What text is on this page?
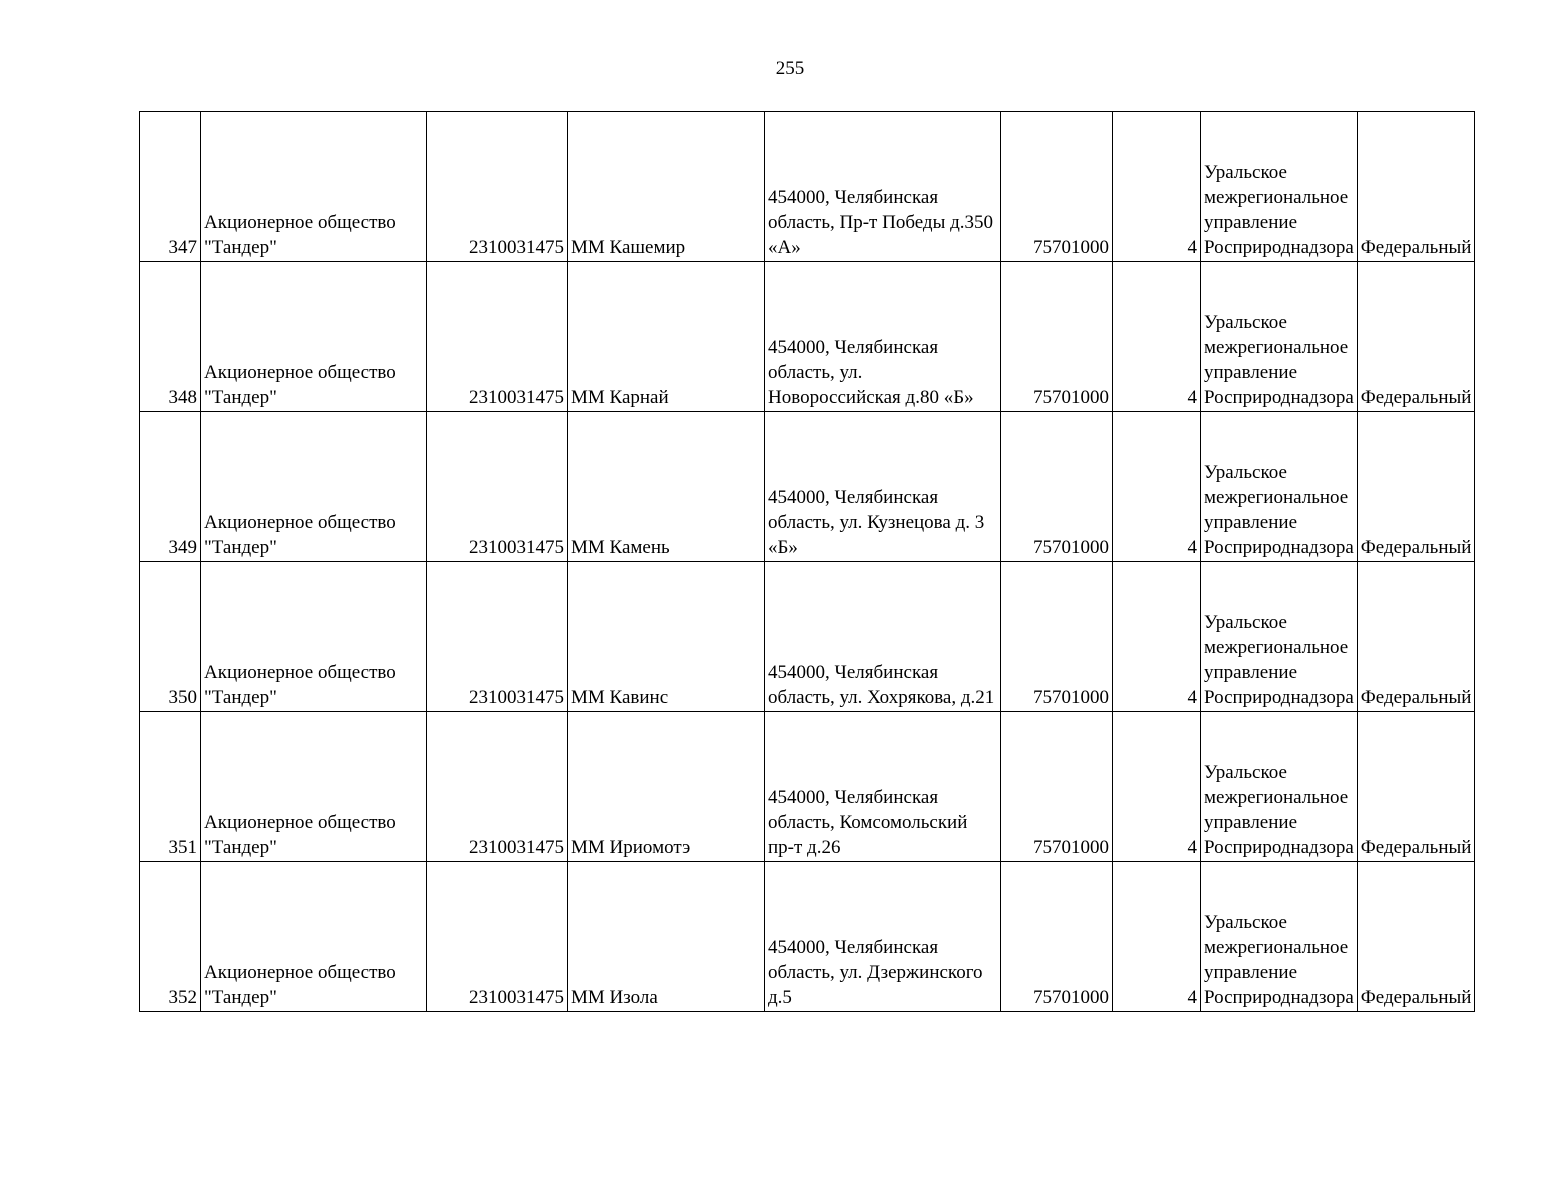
255
347	Акционерное общество "Тандер"	2310031475	ММ Кашемир	454000, Челябинская область, Пр-т Победы д.350 «А»	75701000	4	Уральское межрегиональное управление Росприроднадзора	Федеральный
348	Акционерное общество "Тандер"	2310031475	ММ Карнай	454000, Челябинская область, ул. Новороссийская д.80 «Б»	75701000	4	Уральское межрегиональное управление Росприроднадзора	Федеральный
349	Акционерное общество "Тандер"	2310031475	ММ Камень	454000, Челябинская область, ул. Кузнецова д. 3 «Б»	75701000	4	Уральское межрегиональное управление Росприроднадзора	Федеральный
350	Акционерное общество "Тандер"	2310031475	ММ Кавинс	454000, Челябинская область, ул. Хохрякова, д.21	75701000	4	Уральское межрегиональное управление Росприроднадзора	Федеральный
351	Акционерное общество "Тандер"	2310031475	ММ Ириомотэ	454000, Челябинская область, Комсомольский пр-т д.26	75701000	4	Уральское межрегиональное управление Росприроднадзора	Федеральный
352	Акционерное общество "Тандер"	2310031475	ММ Изола	454000, Челябинская область, ул. Дзержинского д.5	75701000	4	Уральское межрегиональное управление Росприроднадзора	Федеральный
